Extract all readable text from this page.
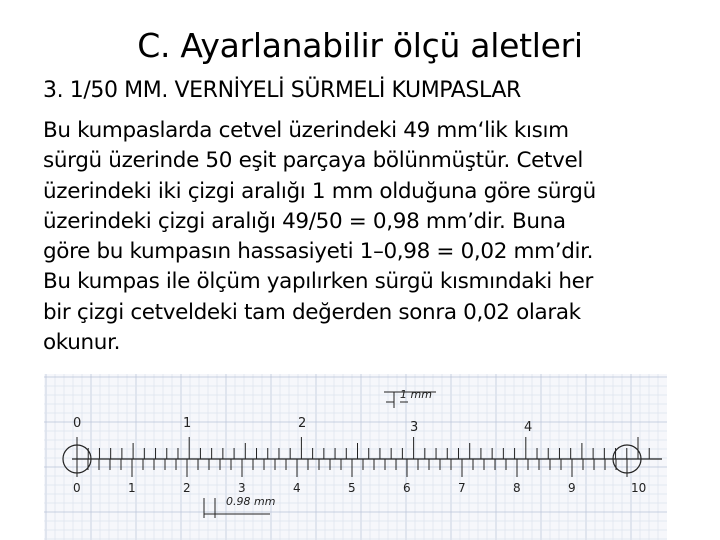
C. Ayarlanabilir ölçü aletleri
3. 1/50 MM. VERNİYELİ SÜRMELİ KUMPASLAR
Bu kumpaslarda cetvel üzerindeki 49 mm‘lik kısım
sürgü üzerinde 50 eşit parçaya bölünmüştür. Cetvel
üzerindeki iki çizgi aralığı 1 mm olduğuna göre sürgü
üzerindeki çizgi aralığı 49/50 = 0,98 mm’dir. Buna
göre bu kumpasın hassasiyeti 1–0,98 = 0,02 mm’dir.
Bu kumpas ile ölçüm yapılırken sürgü kısmındaki her
bir çizgi cetveldeki tam değerden sonra 0,02 olarak
okunur.
1 mm
0.98 mm
0	1	2	3	4
0	1	2	3	4	5	6	7	8	9	10
